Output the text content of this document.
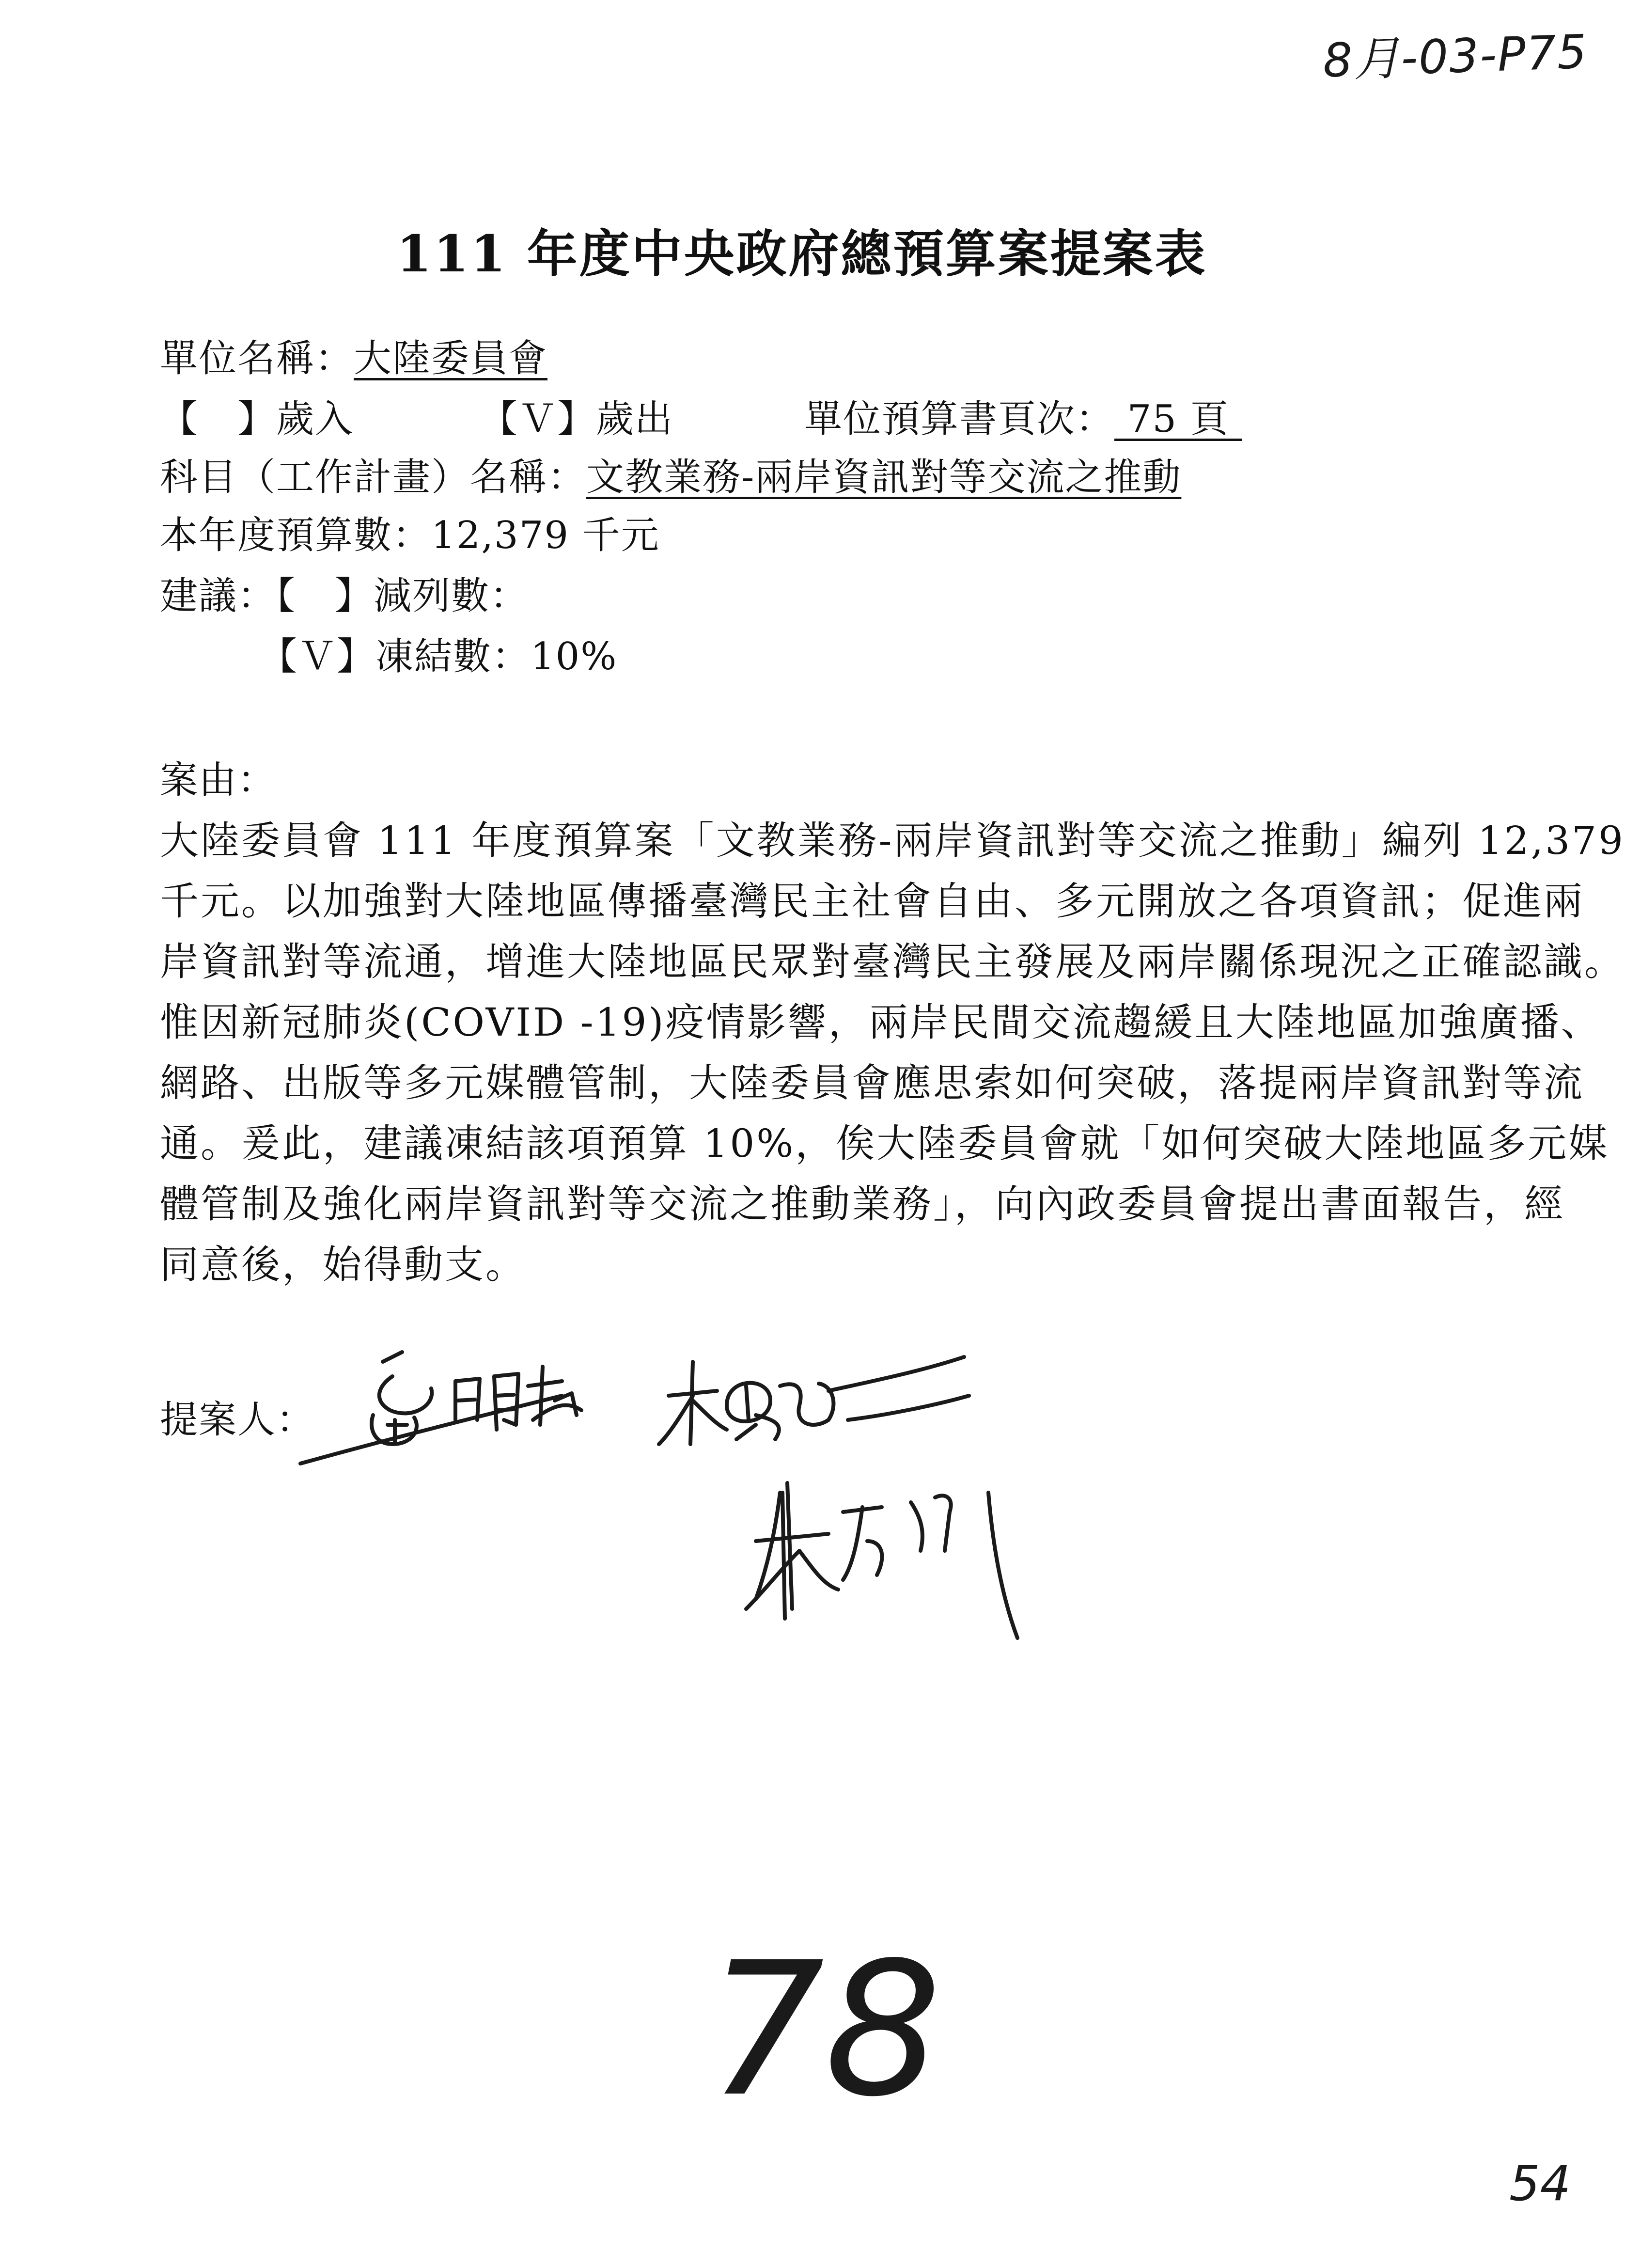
8月-03-P75
111 年度中央政府總預算案提案表
單位名稱：大陸委員會
【　】歲入	【Ｖ】歲出	單位預算書頁次： 75 頁
科目（工作計畫）名稱：文教業務-兩岸資訊對等交流之推動
本年度預算數：12,379 千元
建議：【　】減列數：
【Ｖ】凍結數：10%
案由：
大陸委員會 111 年度預算案「文教業務-兩岸資訊對等交流之推動」編列 12,379
千元。以加強對大陸地區傳播臺灣民主社會自由、多元開放之各項資訊；促進兩
岸資訊對等流通，增進大陸地區民眾對臺灣民主發展及兩岸關係現況之正確認識。
惟因新冠肺炎(COVID -19)疫情影響，兩岸民間交流趨緩且大陸地區加強廣播、
網路、出版等多元媒體管制，大陸委員會應思索如何突破，落提兩岸資訊對等流
通。爰此，建議凍結該項預算 10%，俟大陸委員會就「如何突破大陸地區多元媒
體管制及強化兩岸資訊對等交流之推動業務」，向內政委員會提出書面報告，經
同意後，始得動支。
提案人：
78
54
